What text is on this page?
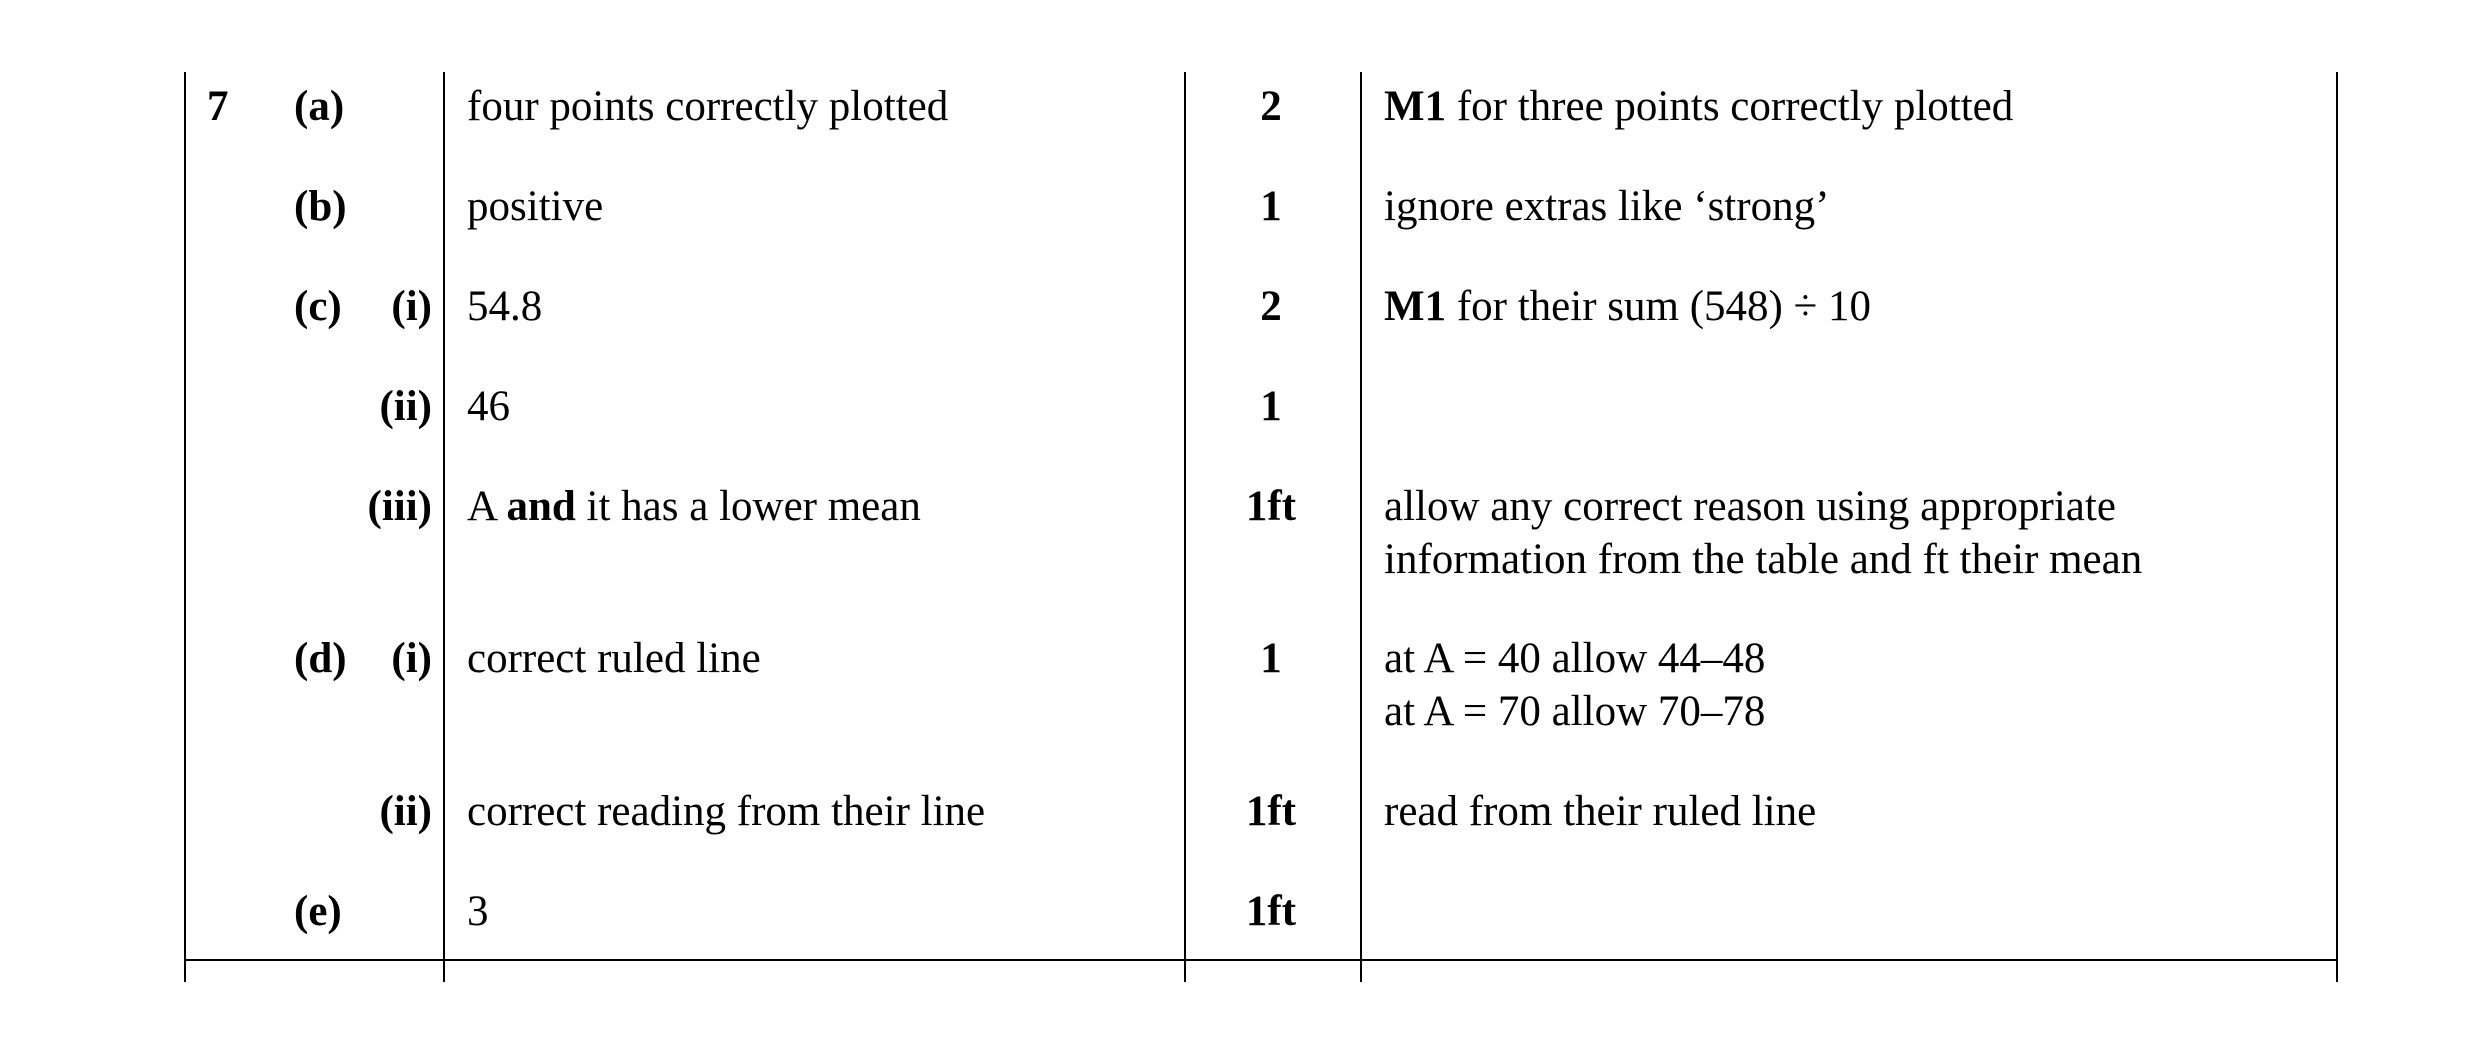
7 (a)	four points correctly plotted	2	M1 for three points correctly plotted
(b)	positive	1	ignore extras like ‘strong’
(c)	(i) 54.8	2	M1 for their sum (548) ÷ 10
(ii) 46	1
(iii) A and it has a lower mean	1ft	allow any correct reason using appropriate
information from the table and ft their mean
(d)	(i) correct ruled line	1	at A = 40 allow 44–48
at A = 70 allow 70–78
(ii) correct reading from their line	1ft	read from their ruled line
(e)	3	1ft
